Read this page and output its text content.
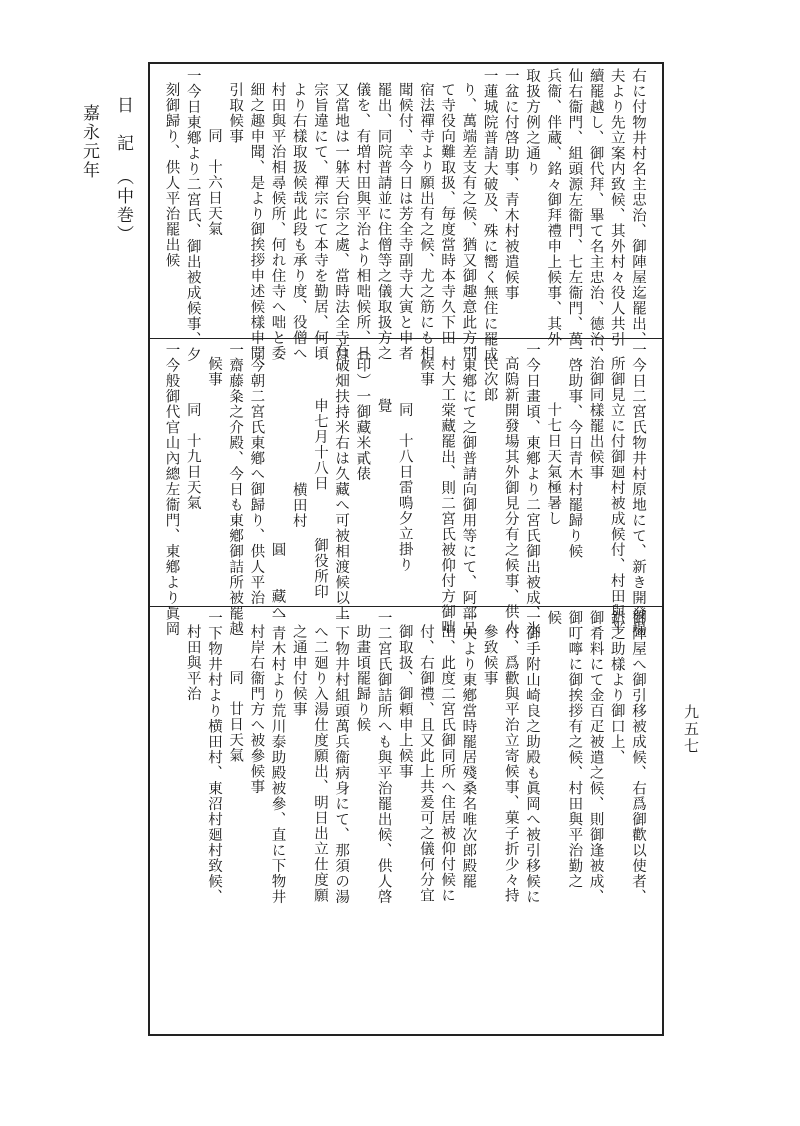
日　記 （中巻） 嘉永元年
九五七
右に付物井村名主忠治、御陣屋迄罷出、
夫より先立案内致候、其外村々役人共引
續罷越し、御代拜、畢て名主忠治、德治、
仙右衞門、組頭源左衞門、七左衞門、萬
兵衞、伴蔵、銘々御拜禮申上候事、其外
取扱方例之通り
一盆に付啓助事、青木村被遣候事
一蓮城院普請大破及、殊に嚮く無住に罷成
り、萬端差支有之候、猶又御趣意此方別
て寺役向難取扱、毎度當時本寺久下田
宿法禪寺より願出有之候、尤之筋にも相
聞候付、幸今日は芳全寺副寺大寅と申者
罷出、同院普請並に住僧等之儀取扱方之
儀を、有増村田與平治より相咄候所、且
又當地は一躰天台宗之處、當時法全寺は
宗旨違にて、禪宗にて本寺を勤居、何頃
より右樣取扱候哉此段も承り度、役僧へ
村田與平治相尋候所、何れ住寺へ咄と委
細之趣申聞、是より御挨拶申述候樣申聞、
引取候事
同　十六日天氣
一今日東鄕より二宮氏、御出被成候事、夕
刻御歸り、供人平治罷出候
一今日二宮氏物井村原地にて、新き開發場
所御見立に付御廻村被成候付、村田與平
治御同樣罷出候事
一啓助事、今日青木村罷歸り候
十七日天氣極暑し
一今日畫頃、東鄕より二宮氏御出被成、氷
高隖新開發場其外御見分有之候事、供人
民次郎
一東鄕にて之御普請向御用等にて、阿部品
村大工棠藏罷出、則二宮氏被仰付方御咄
候事
同　十八日雷鳴夕立掛り
覺
（印）一御藏米貳俵
右破畑扶持米右は久藏へ可被相渡候以上
申七月十八日　　　御役所印
横田村
圓　　藏へ
一今朝二宮氏東鄕へ御歸り、供人平治
一齋藤粂之介殿、今日も東鄕御詰所被罷越
候事
同　十九日天氣
一今般御代官山內總左衞門、東鄕より眞岡
御陣屋へ御引移被成候、右爲御歡以使者、
釟之助樣より御口上、
御肴料にて金百疋被遣之候、則御逢被成、
御叮嚀に御挨拶有之候、村田與平治勤之
候
一御手附山崎良之助殿も眞岡へ被引移候に
付、爲歡與平治立寄候事、菓子折少々持
參致候事
一夫より東鄕當時罷居殘桑名唯次郎殿罷
出、此度二宮氏御同所へ住居被仰付候に
付、右御禮、且又此上共爰可之儀何分宜
御取扱、御頼申上候事
一二宮氏御詰所へも與平治罷出候、供人啓
助畫頃罷歸り候
一下物井村組頭萬兵衞病身にて、那須の湯
へ二廻り入湯仕度願出、明日出立仕度願
之通申付候事
一青木村より荒川泰助殿被參、直に下物井
村岸右衞門方へ被參候事
同　廿日天氣
一下物井村より横田村、東沼村廻村致候、
村田與平治
